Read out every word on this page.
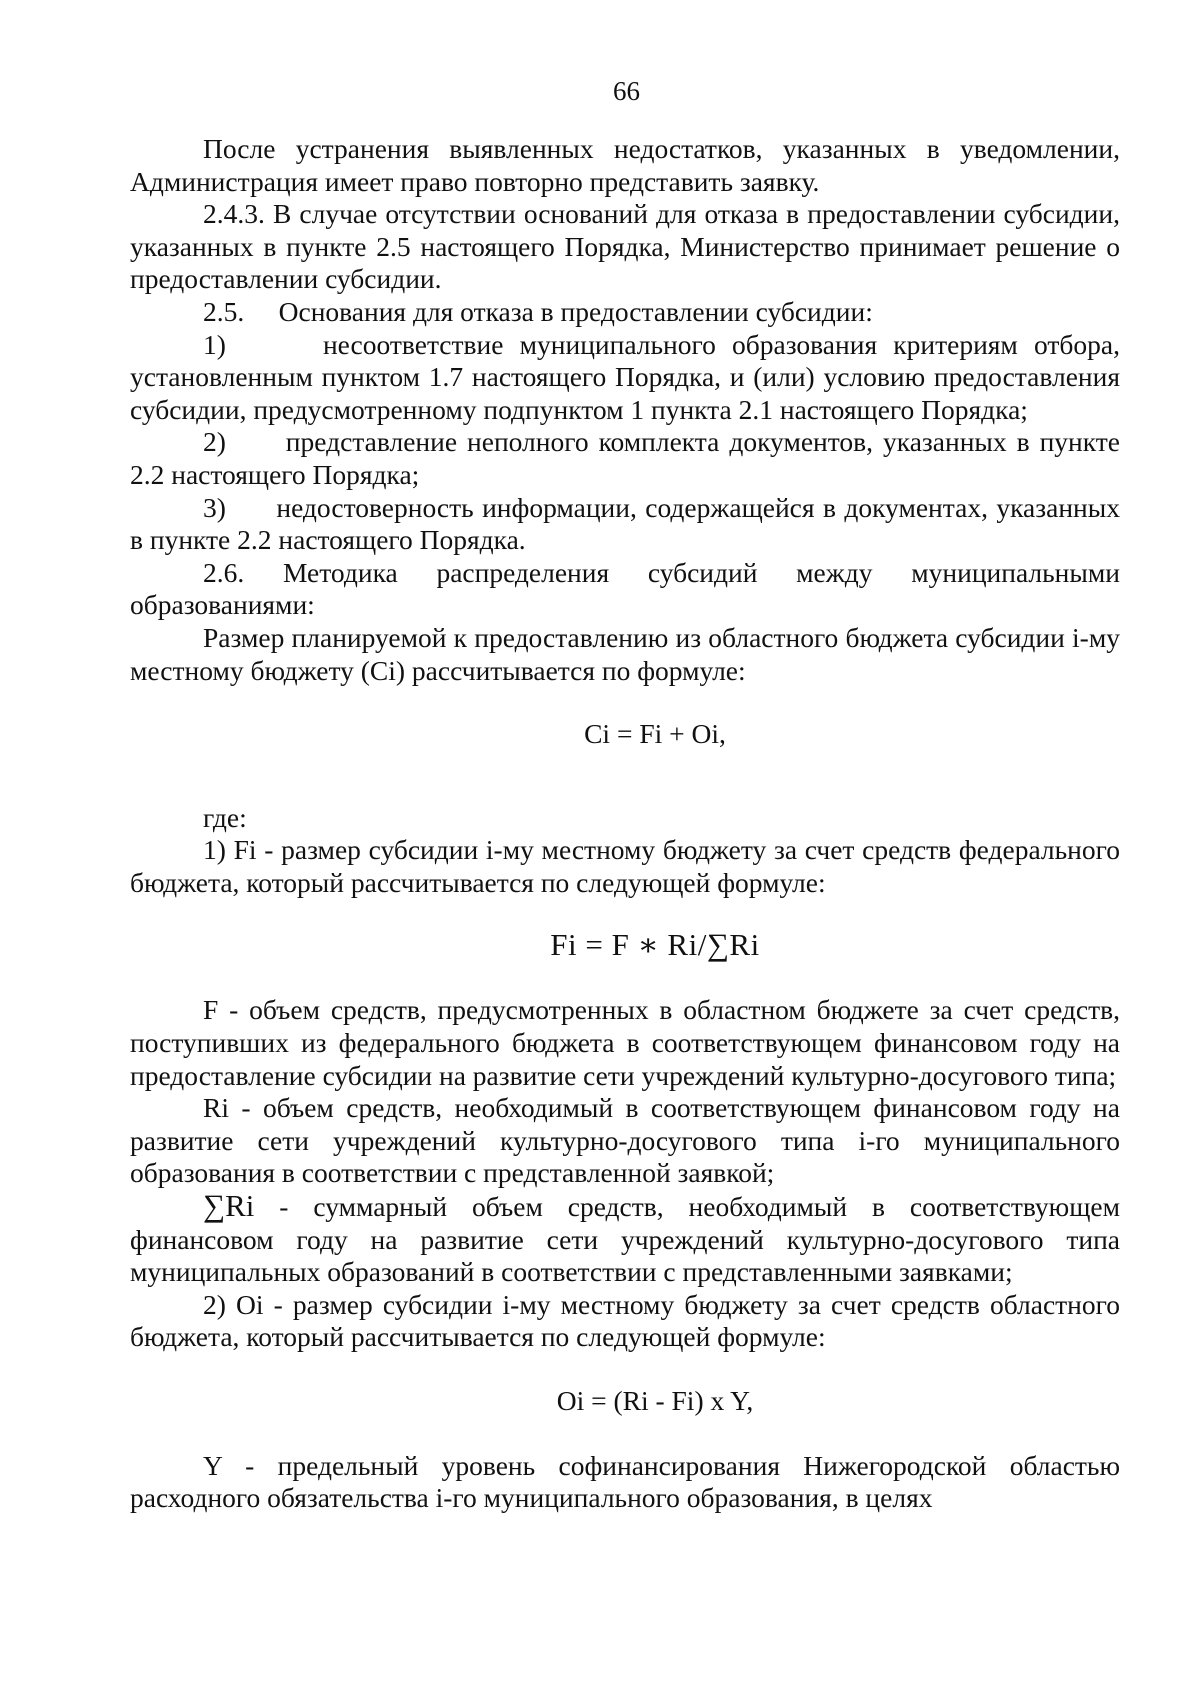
66

После устранения выявленных недостатков, указанных в уведомлении, Администрация имеет право повторно представить заявку.

2.4.3. В случае отсутствии оснований для отказа в предоставлении субсидии, указанных в пункте 2.5 настоящего Порядка, Министерство принимает решение о предоставлении субсидии.

2.5.     Основания для отказа в предоставлении субсидии:

1)      несоответствие муниципального образования критериям отбора, установленным пунктом 1.7 настоящего Порядка, и (или) условию предоставления субсидии, предусмотренному подпунктом 1 пункта 2.1 настоящего Порядка;

2)      представление неполного комплекта документов, указанных в пункте 2.2 настоящего Порядка;

3)      недостоверность информации, содержащейся в документах, указанных в пункте 2.2 настоящего Порядка.

2.6. Методика распределения субсидий между муниципальными образованиями:

Размер планируемой к предоставлению из областного бюджета субсидии i-му местному бюджету (Ci) рассчитывается по формуле:

Ci = Fi + Oi,

где:

1) Fi - размер субсидии i-му местному бюджету за счет средств федерального бюджета, который рассчитывается по следующей формуле:

Fi = F ∗ Ri/∑Ri

F - объем средств, предусмотренных в областном бюджете за счет средств, поступивших из федерального бюджета в соответствующем финансовом году на предоставление субсидии на развитие сети учреждений культурно-досугового типа;

Ri - объем средств, необходимый в соответствующем финансовом году на развитие сети учреждений культурно-досугового типа i-го муниципального образования в соответствии с представленной заявкой;

∑Ri - суммарный объем средств, необходимый в соответствующем финансовом году на развитие сети учреждений культурно-досугового типа муниципальных образований в соответствии с представленными заявками;

2) Oi - размер субсидии i-му местному бюджету за счет средств областного бюджета, который рассчитывается по следующей формуле:

Oi = (Ri - Fi) x Y,

Y - предельный уровень софинансирования Нижегородской областью расходного обязательства i-го муниципального образования, в целях
